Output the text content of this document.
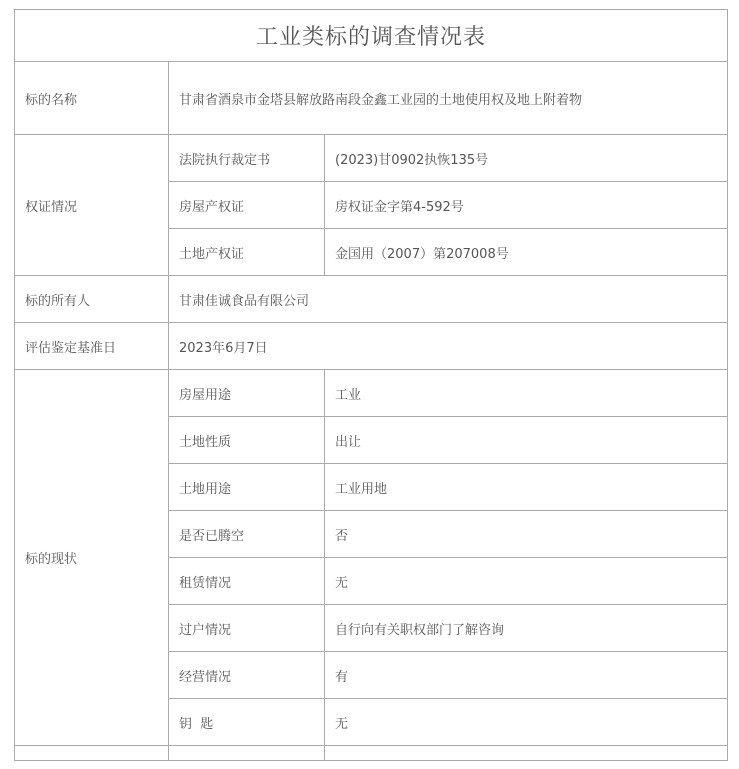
工业类标的调查情况表		
标的名称	甘肃省酒泉市金塔县解放路南段金鑫工业园的土地使用权及地上附着物	
权证情况	法院执行裁定书	(2023)甘0902执恢135号
	房屋产权证	房权证金字第4-592号
	土地产权证	金国用（2007）第207008号
标的所有人	甘肃佳诚食品有限公司	
评估鉴定基准日	2023年6月7日	
标的现状	房屋用途	工业
	土地性质	出让
	土地用途	工业用地
	是否已腾空	否
	租赁情况	无
	过户情况	自行向有关职权部门了解咨询
	经营情况	有
	钥  匙	无
